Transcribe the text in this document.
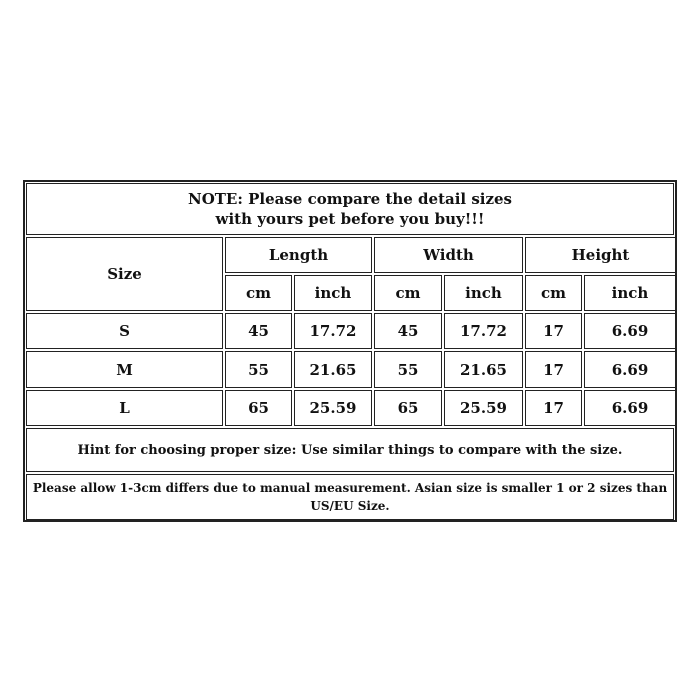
NOTE: Please compare the detail sizes
with yours pet before you buy!!!
Size
Length	Width	Height
cm	inch	cm	inch	cm	inch
S	45	17.72	45	17.72	17	6.69
M	55	21.65	55	21.65	17	6.69
L	65	25.59	65	25.59	17	6.69
Hint for choosing proper size: Use similar things to compare with the size.
Please allow 1-3cm differs due to manual measurement. Asian size is smaller 1 or 2 sizes than US/EU Size.
